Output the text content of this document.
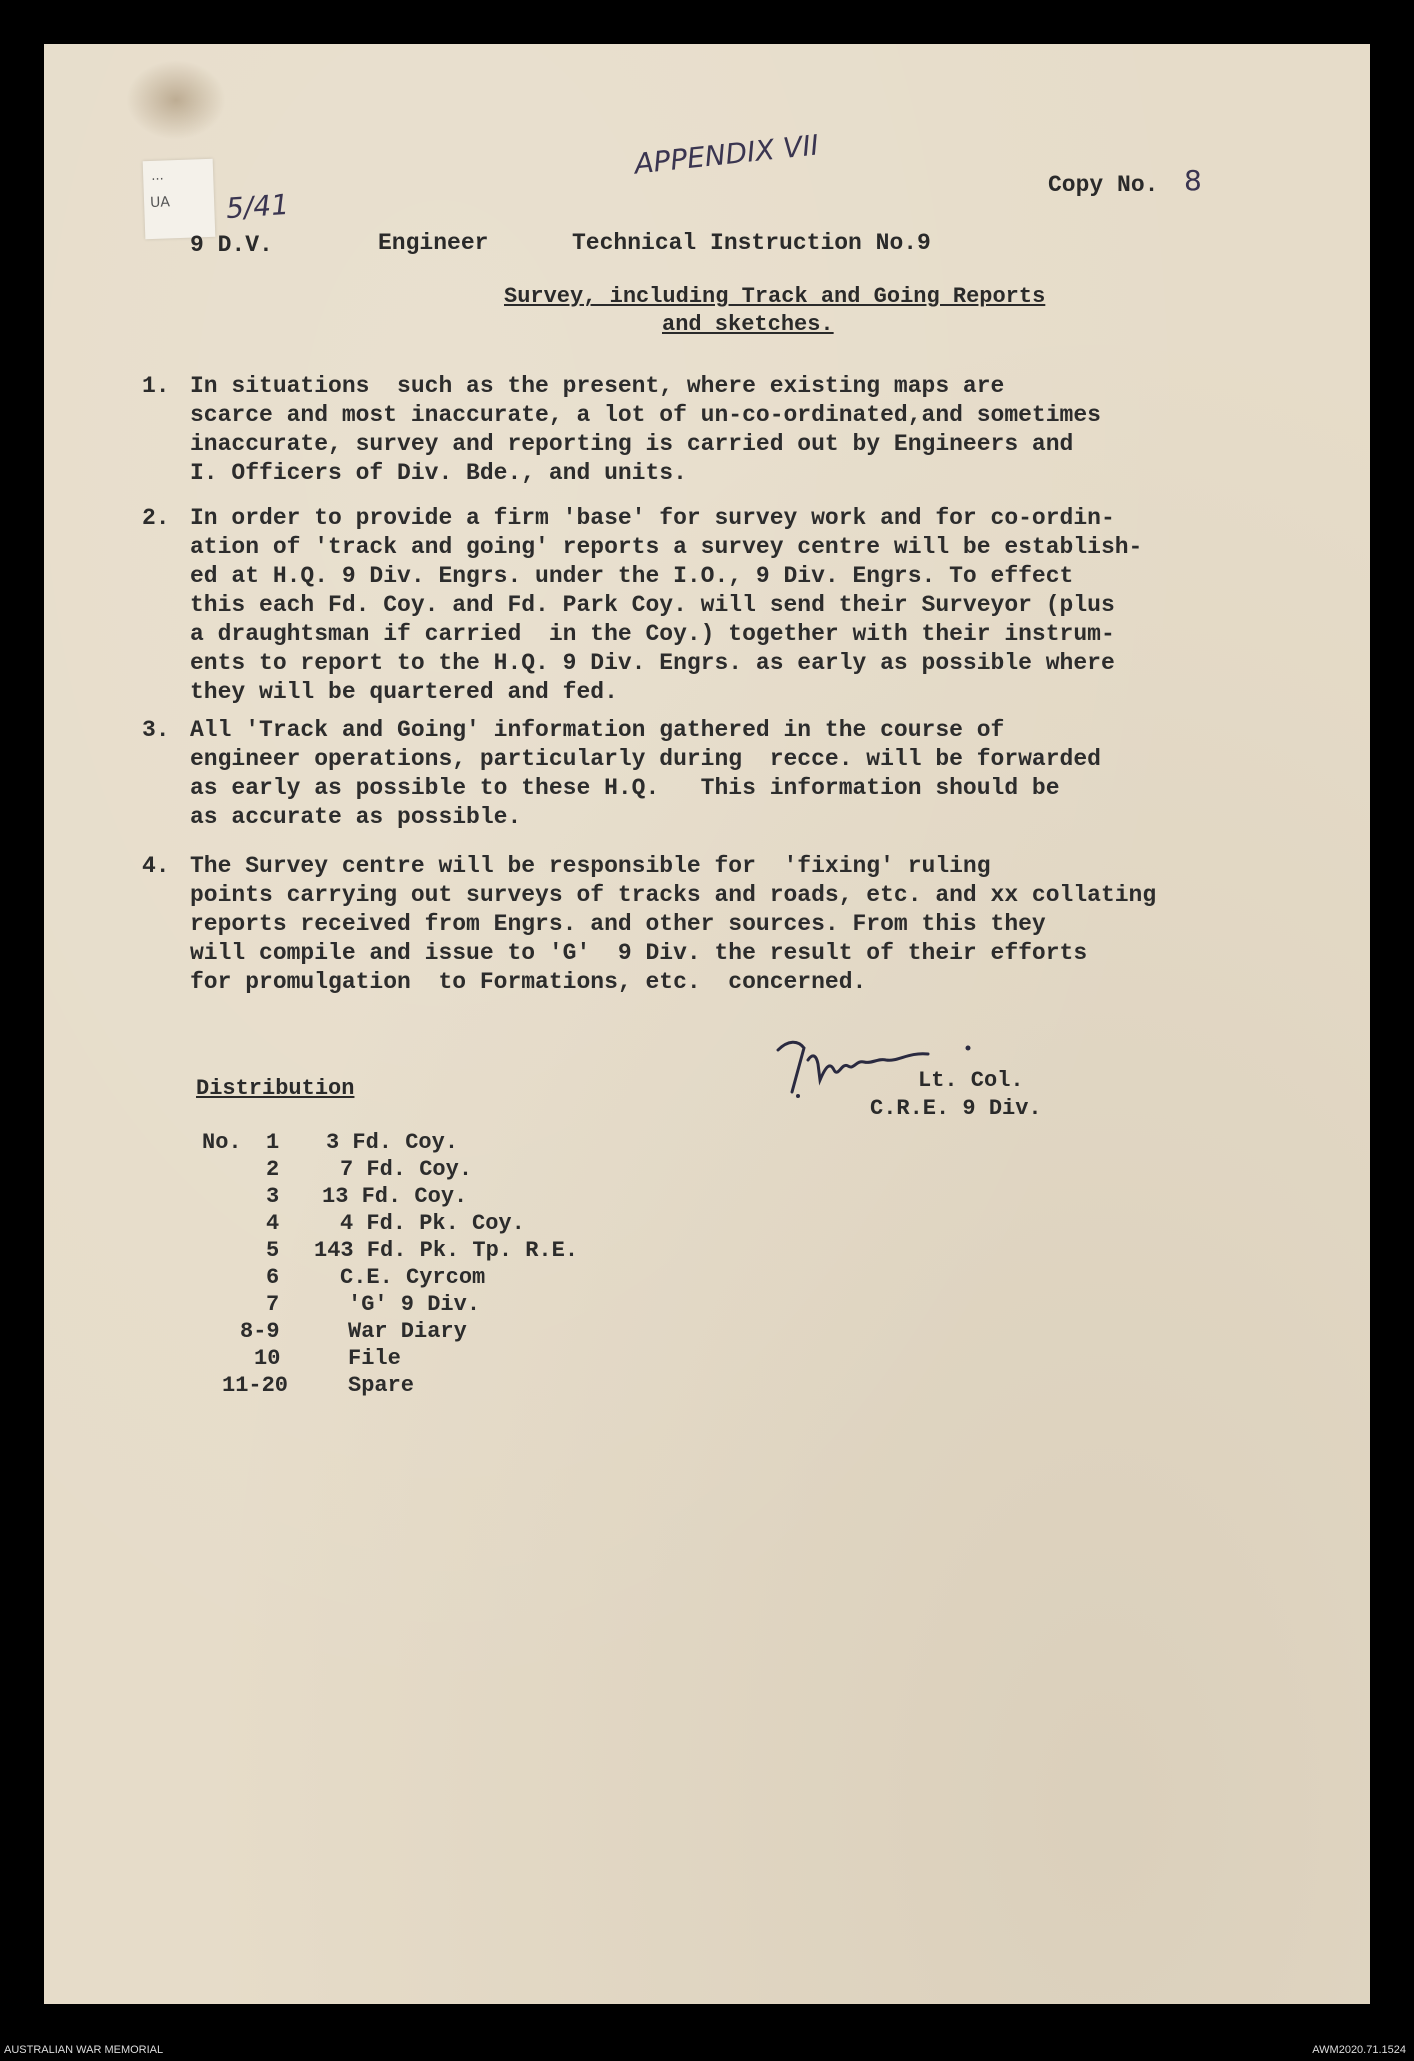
...
UA
APPENDIX VII
5/41
Copy No. 8
9 D.V.	Engineer	Technical Instruction No.9
Survey, including Track and Going Reports
and sketches.
1. In situations  such as the present, where existing maps are
scarce and most inaccurate, a lot of un-co-ordinated,and sometimes
inaccurate, survey and reporting is carried out by Engineers and
I. Officers of Div. Bde., and units.
2. In order to provide a firm 'base' for survey work and for co-ordin-
ation of 'track and going' reports a survey centre will be establish-
ed at H.Q. 9 Div. Engrs. under the I.O., 9 Div. Engrs. To effect
this each Fd. Coy. and Fd. Park Coy. will send their Surveyor (plus
a draughtsman if carried  in the Coy.) together with their instrum-
ents to report to the H.Q. 9 Div. Engrs. as early as possible where
they will be quartered and fed.
3. All 'Track and Going' information gathered in the course of
engineer operations, particularly during  recce. will be forwarded
as early as possible to these H.Q.   This information should be
as accurate as possible.
4. The Survey centre will be responsible for  'fixing' ruling
points carrying out surveys of tracks and roads, etc. and xx collating
reports received from Engrs. and other sources. From this they
will compile and issue to 'G'  9 Div. the result of their efforts
for promulgation  to Formations, etc.  concerned.
Lt. Col.
C.R.E. 9 Div.
Distribution
No. 1 3 Fd. Coy.
2	7 Fd. Coy.
3 13 Fd. Coy.
4	4 Fd. Pk. Coy.
5 143 Fd. Pk. Tp. R.E.
6	C.E. Cyrcom
7	'G' 9 Div.
8-9	War Diary
10	File
11-20	Spare
AUSTRALIAN WAR MEMORIAL	AWM2020.71.1524
